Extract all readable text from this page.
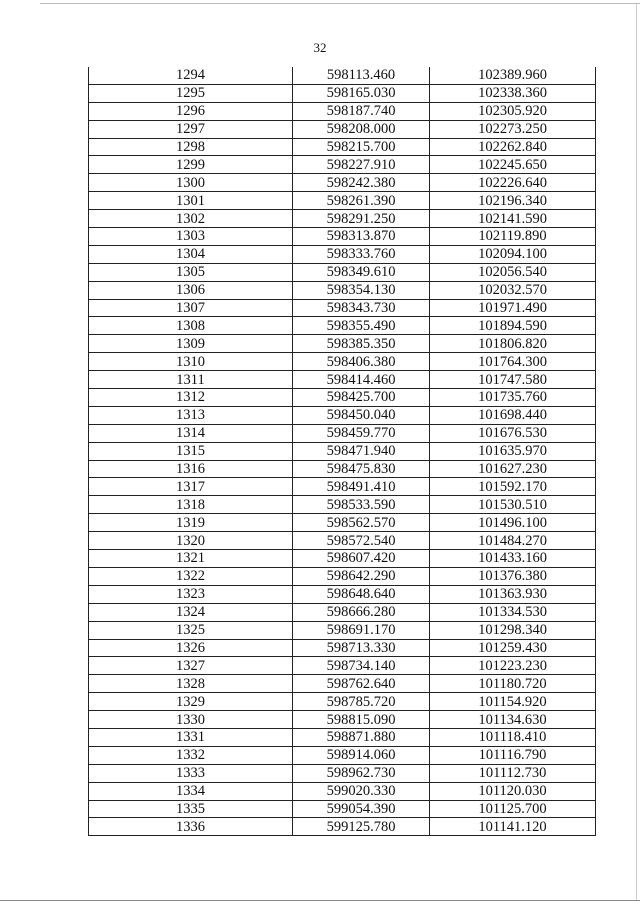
32
1294	598113.460	102389.960
1295	598165.030	102338.360
1296	598187.740	102305.920
1297	598208.000	102273.250
1298	598215.700	102262.840
1299	598227.910	102245.650
1300	598242.380	102226.640
1301	598261.390	102196.340
1302	598291.250	102141.590
1303	598313.870	102119.890
1304	598333.760	102094.100
1305	598349.610	102056.540
1306	598354.130	102032.570
1307	598343.730	101971.490
1308	598355.490	101894.590
1309	598385.350	101806.820
1310	598406.380	101764.300
1311	598414.460	101747.580
1312	598425.700	101735.760
1313	598450.040	101698.440
1314	598459.770	101676.530
1315	598471.940	101635.970
1316	598475.830	101627.230
1317	598491.410	101592.170
1318	598533.590	101530.510
1319	598562.570	101496.100
1320	598572.540	101484.270
1321	598607.420	101433.160
1322	598642.290	101376.380
1323	598648.640	101363.930
1324	598666.280	101334.530
1325	598691.170	101298.340
1326	598713.330	101259.430
1327	598734.140	101223.230
1328	598762.640	101180.720
1329	598785.720	101154.920
1330	598815.090	101134.630
1331	598871.880	101118.410
1332	598914.060	101116.790
1333	598962.730	101112.730
1334	599020.330	101120.030
1335	599054.390	101125.700
1336	599125.780	101141.120
